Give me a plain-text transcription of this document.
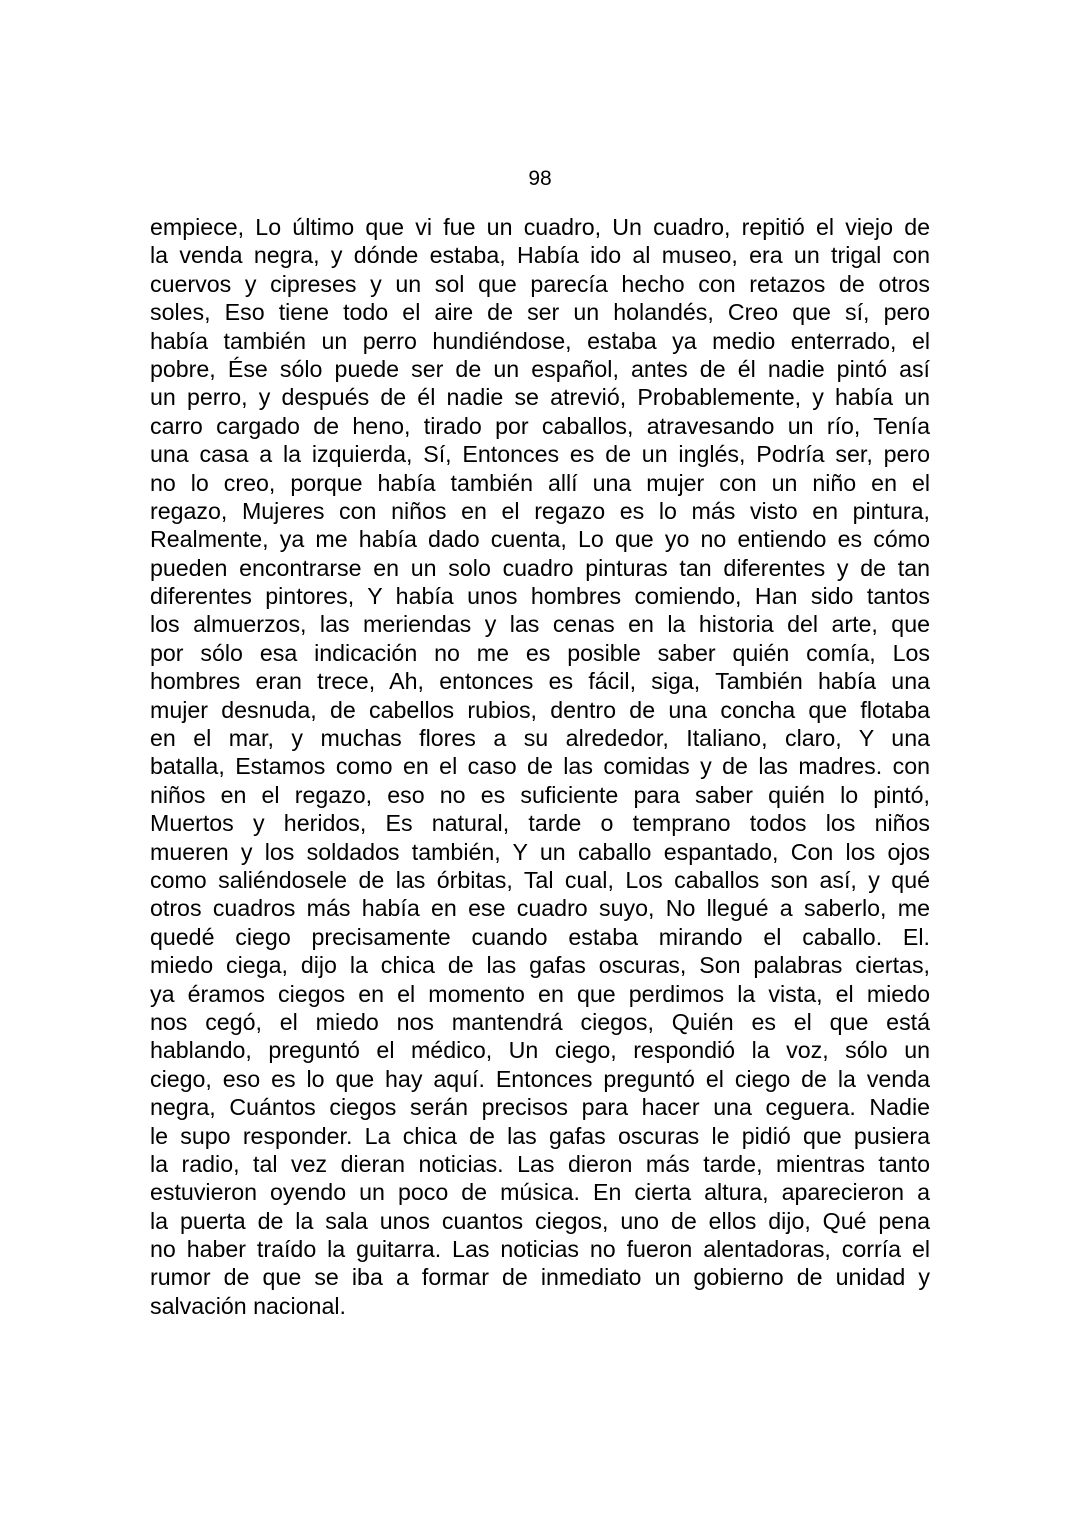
98
empiece, Lo último que vi fue un cuadro, Un cuadro, repitió el viejo de
la venda negra, y dónde estaba, Había ido al museo, era un trigal con
cuervos y cipreses y un sol que parecía hecho con retazos de otros
soles, Eso tiene todo el aire de ser un holandés, Creo que sí, pero
había también un perro hundiéndose, estaba ya medio enterrado, el
pobre, Ése sólo puede ser de un español, antes de él nadie pintó así
un perro, y después de él nadie se atrevió, Probablemente, y había un
carro cargado de heno, tirado por caballos, atravesando un río, Tenía
una casa a la izquierda, Sí, Entonces es de un inglés, Podría ser, pero
no lo creo, porque había también allí una mujer con un niño en el
regazo, Mujeres con niños en el regazo es lo más visto en pintura,
Realmente, ya me había dado cuenta, Lo que yo no entiendo es cómo
pueden encontrarse en un solo cuadro pinturas tan diferentes y de tan
diferentes pintores, Y había unos hombres comiendo, Han sido tantos
los almuerzos, las meriendas y las cenas en la historia del arte, que
por sólo esa indicación no me es posible saber quién comía, Los
hombres eran trece, Ah, entonces es fácil, siga, También había una
mujer desnuda, de cabellos rubios, dentro de una concha que flotaba
en el mar, y muchas flores a su alrededor, Italiano, claro, Y una
batalla, Estamos como en el caso de las comidas y de las madres. con
niños en el regazo, eso no es suficiente para saber quién lo pintó,
Muertos y heridos, Es natural, tarde o temprano todos los niños
mueren y los soldados también, Y un caballo espantado, Con los ojos
como saliéndosele de las órbitas, Tal cual, Los caballos son así, y qué
otros cuadros más había en ese cuadro suyo, No llegué a saberlo, me
quedé ciego precisamente cuando estaba mirando el caballo. El.
miedo ciega, dijo la chica de las gafas oscuras, Son palabras ciertas,
ya éramos ciegos en el momento en que perdimos la vista, el miedo
nos cegó, el miedo nos mantendrá ciegos, Quién es el que está
hablando, preguntó el médico, Un ciego, respondió la voz, sólo un
ciego, eso es lo que hay aquí. Entonces preguntó el ciego de la venda
negra, Cuántos ciegos serán precisos para hacer una ceguera. Nadie
le supo responder. La chica de las gafas oscuras le pidió que pusiera
la radio, tal vez dieran noticias. Las dieron más tarde, mientras tanto
estuvieron oyendo un poco de música. En cierta altura, aparecieron a
la puerta de la sala unos cuantos ciegos, uno de ellos dijo, Qué pena
no haber traído la guitarra. Las noticias no fueron alentadoras, corría el
rumor de que se iba a formar de inmediato un gobierno de unidad y
salvación nacional.
